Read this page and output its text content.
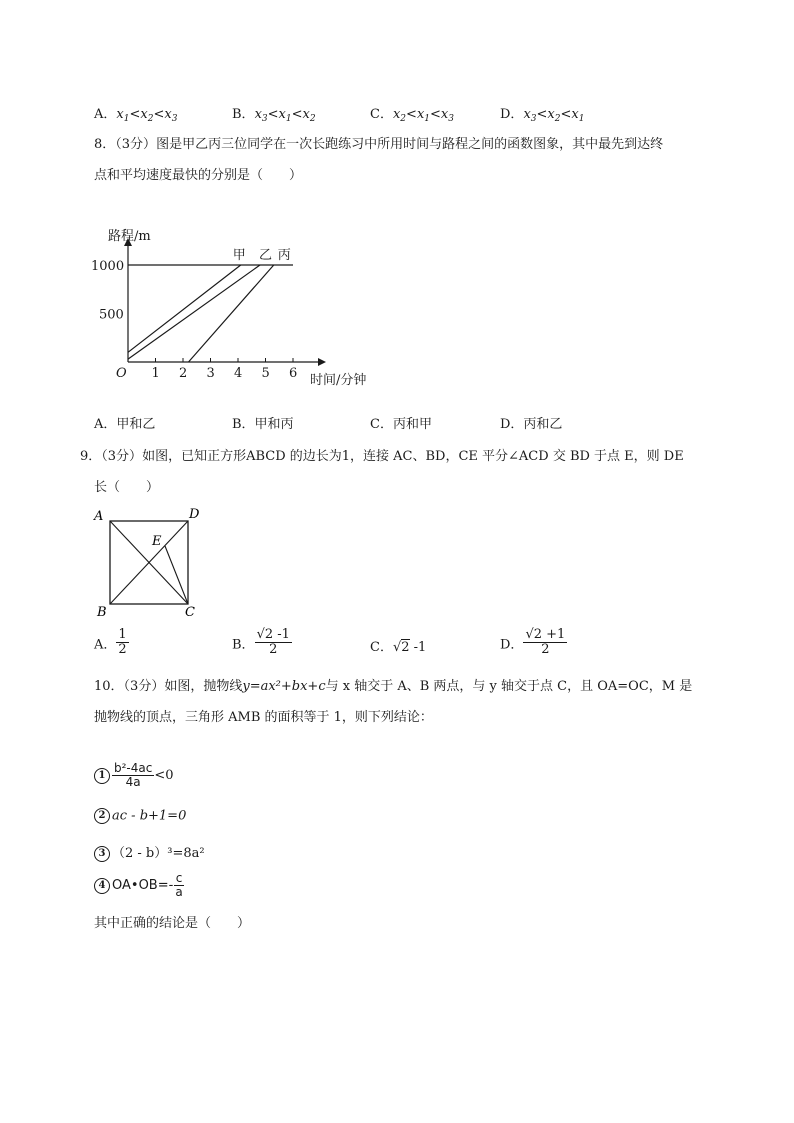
A．$x_1<x_2<x_3$	B．$x_3<x_1<x_2$	C．$x_2<x_1<x_3$	D．$x_3<x_2<x_1$
8．（3分）图是甲乙丙三位同学在一次长跑练习中所用时间与路程之间的函数图象，其中最先到达终
点和平均速度最快的分别是（　　）
甲 乙 丙
1 2 3 4 5 6
1000
500
O
路程/m
时间/分钟
A．甲和乙	B．甲和丙	C．丙和甲	D．丙和乙
9．（3分）如图，已知正方形ABCD 的边长为1，连接 AC、BD，CE 平分∠ACD 交 BD 于点 E，则 DE
长（　　）
A	D
E
B	C
A． $\frac{1}{2}$	B． $\frac{√2 -1}{2}$	C．√2 -1	D． $\frac{√2 +1}{2}$
10．（3分）如图，抛物线y=ax²+bx+c与 x 轴交于 A、B 两点，与 y 轴交于点 C，且 OA=OC，M 是
抛物线的顶点，三角形 AMB 的面积等于 1，则下列结论：
$1 \frac{\text{b²-4ac}}{4a} <0$
2 ac - b+1=0
3 （2 - b）³=8a²
4 OA•OB=- $\frac{c}{a}$
其中正确的结论是（　　）
